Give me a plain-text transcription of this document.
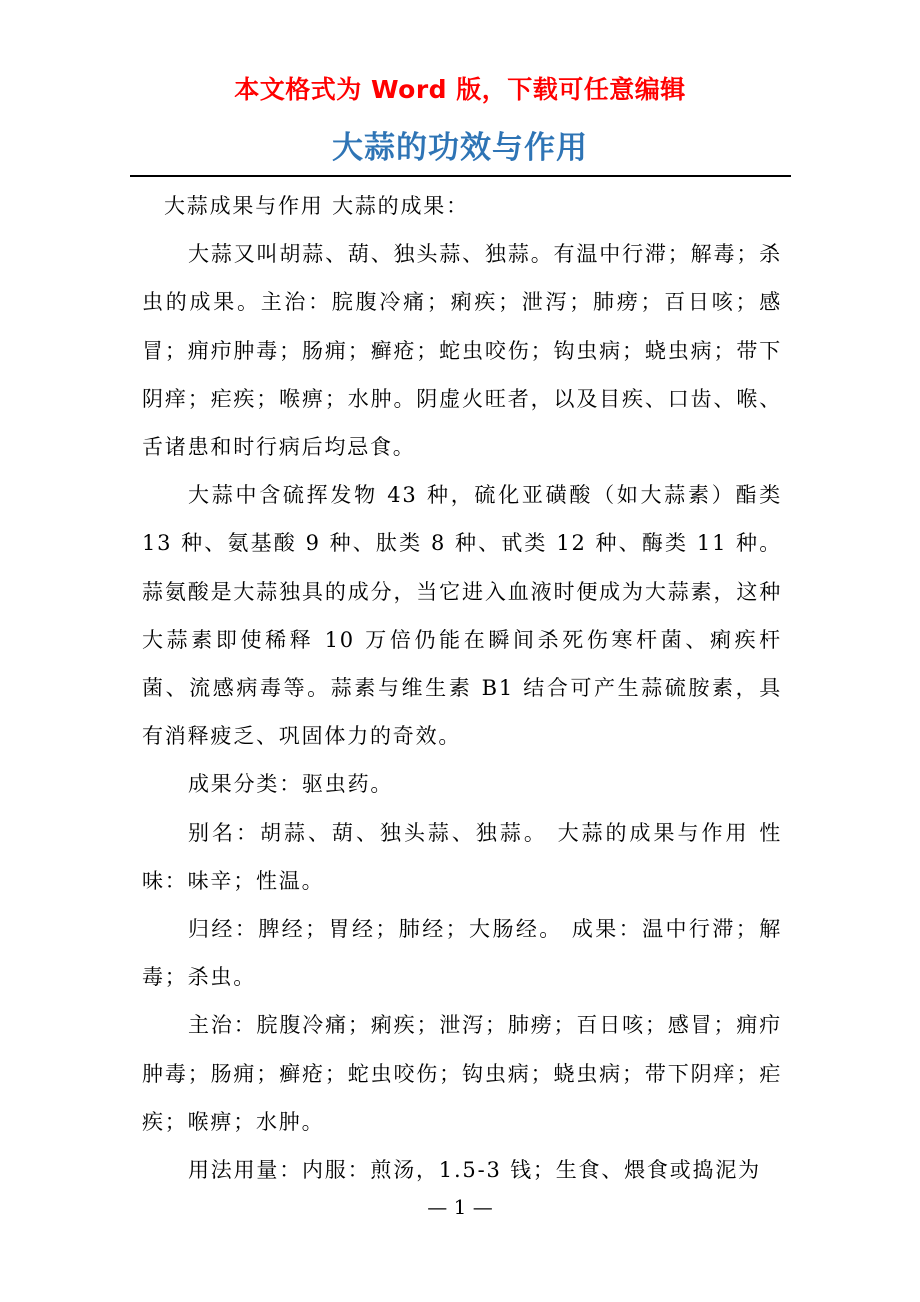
本文格式为 Word 版，下载可任意编辑
大蒜的功效与作用

大蒜成果与作用 大蒜的成果：

大蒜又叫胡蒜、葫、独头蒜、独蒜。有温中行滞；解毒；杀虫的成果。主治：脘腹冷痛；痢疾；泄泻；肺痨；百日咳；感冒；痈疖肿毒；肠痈；癣疮；蛇虫咬伤；钩虫病；蛲虫病；带下阴痒；疟疾；喉痹；水肿。阴虚火旺者，以及目疾、口齿、喉、舌诸患和时行病后均忌食。

大蒜中含硫挥发物 43 种，硫化亚磺酸（如大蒜素）酯类 13 种、氨基酸 9 种、肽类 8 种、甙类 12 种、酶类 11 种。蒜氨酸是大蒜独具的成分，当它进入血液时便成为大蒜素，这种大蒜素即使稀释 10 万倍仍能在瞬间杀死伤寒杆菌、痢疾杆菌、流感病毒等。蒜素与维生素 B1 结合可产生蒜硫胺素，具有消释疲乏、巩固体力的奇效。

成果分类：驱虫药。

别名：胡蒜、葫、独头蒜、独蒜。 大蒜的成果与作用 性味：味辛；性温。

归经：脾经；胃经；肺经；大肠经。 成果：温中行滞；解毒；杀虫。

主治：脘腹冷痛；痢疾；泄泻；肺痨；百日咳；感冒；痈疖肿毒；肠痈；癣疮；蛇虫咬伤；钩虫病；蛲虫病；带下阴痒；疟疾；喉痹；水肿。

用法用量：内服：煎汤，1.5-3 钱；生食、煨食或捣泥为

— 1 —
